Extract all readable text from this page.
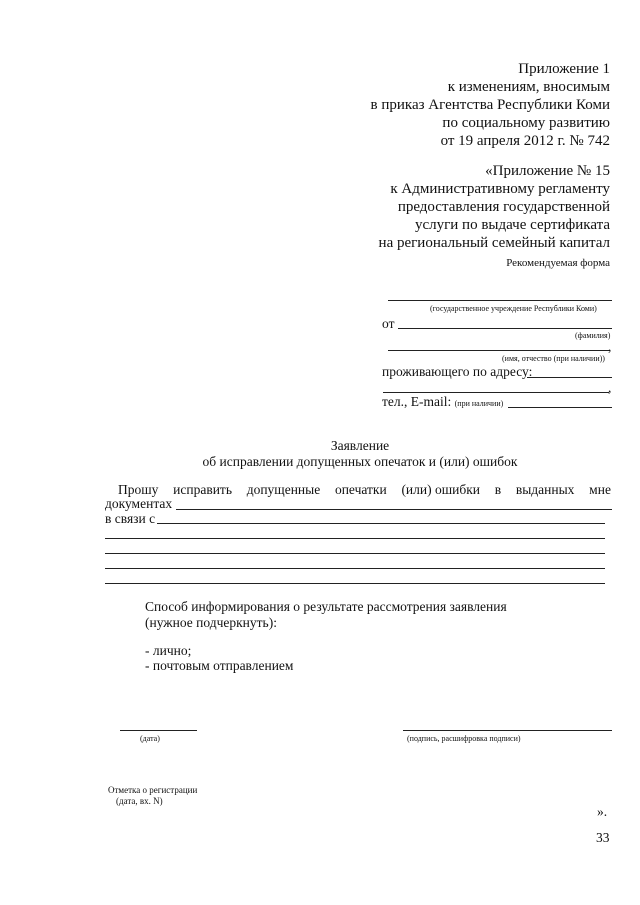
Приложение 1
к изменениям, вносимым
в приказ Агентства Республики Коми
по социальному развитию
от 19 апреля 2012 г. № 742
«Приложение № 15
к Административному регламенту
предоставления государственной
услуги по выдаче сертификата
на региональный семейный капитал
Рекомендуемая форма
(государственное учреждение Республики Коми)
от
(фамилия)
,
(имя, отчество (при наличии))
проживающего по адресу:
,
тел., E-mail: (при наличии)
Заявление
об исправлении допущенных опечаток и (или) ошибок
Прошу исправить допущенные опечатки (или) ошибки в выданных мне
документах
в связи с
Способ информирования о результате рассмотрения заявления
(нужное подчеркнуть):
- лично;
- почтовым отправлением
(дата)	(подпись, расшифровка подписи)
Отметка о регистрации
(дата, вх. N)
».
33
